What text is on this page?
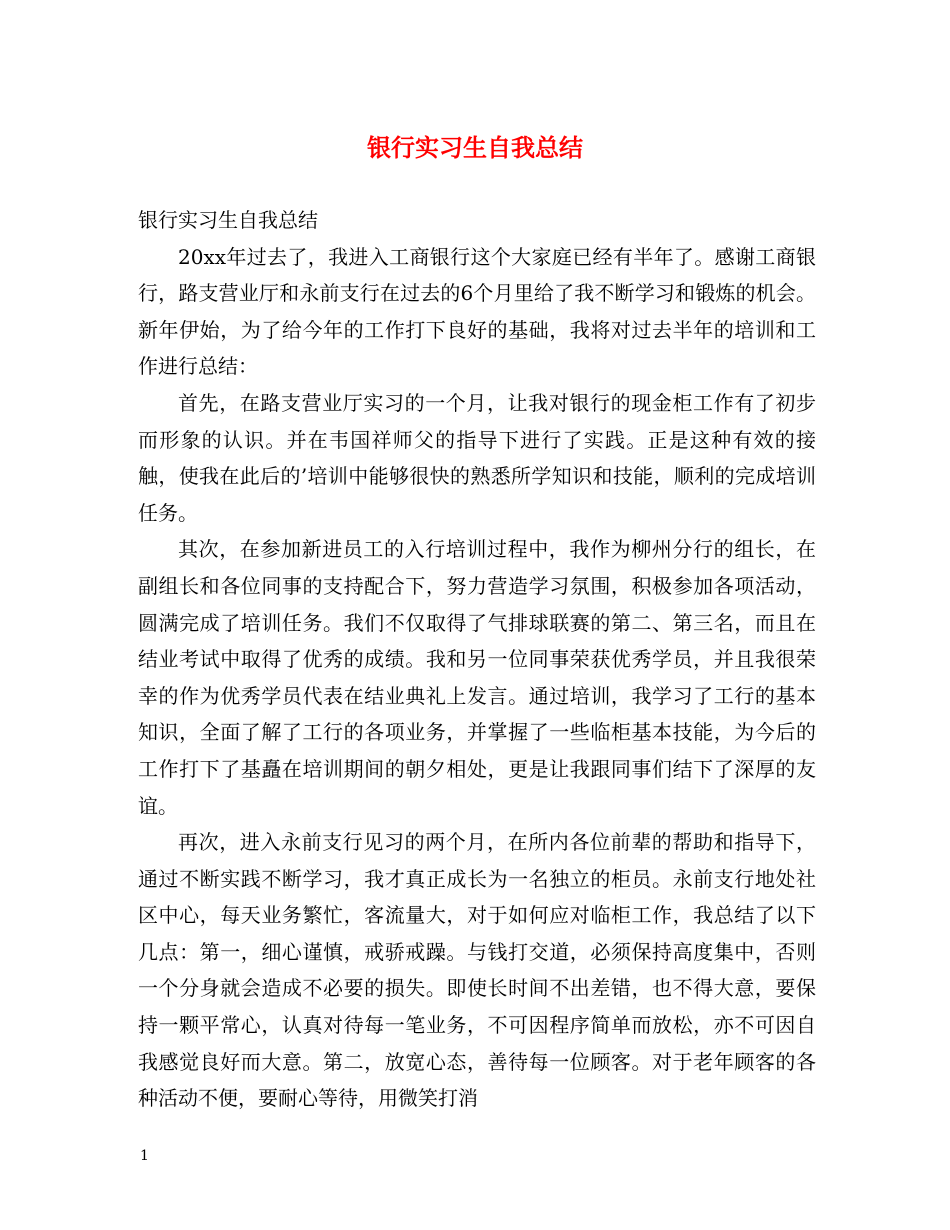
银行实习生自我总结

银行实习生自我总结

20xx年过去了，我进入工商银行这个大家庭已经有半年了。感谢工商银行，路支营业厅和永前支行在过去的6个月里给了我不断学习和锻炼的机会。新年伊始，为了给今年的工作打下良好的基础，我将对过去半年的培训和工作进行总结：

首先，在路支营业厅实习的一个月，让我对银行的现金柜工作有了初步而形象的认识。并在韦国祥师父的指导下进行了实践。正是这种有效的接触，使我在此后的’培训中能够很快的熟悉所学知识和技能，顺利的完成培训任务。

其次，在参加新进员工的入行培训过程中，我作为柳州分行的组长，在副组长和各位同事的支持配合下，努力营造学习氛围，积极参加各项活动，圆满完成了培训任务。我们不仅取得了气排球联赛的第二、第三名，而且在结业考试中取得了优秀的成绩。我和另一位同事荣获优秀学员，并且我很荣幸的作为优秀学员代表在结业典礼上发言。通过培训，我学习了工行的基本知识，全面了解了工行的各项业务，并掌握了一些临柜基本技能，为今后的工作打下了基矗在培训期间的朝夕相处，更是让我跟同事们结下了深厚的友谊。

再次，进入永前支行见习的两个月，在所内各位前辈的帮助和指导下，通过不断实践不断学习，我才真正成长为一名独立的柜员。永前支行地处社区中心，每天业务繁忙，客流量大，对于如何应对临柜工作，我总结了以下几点：第一，细心谨慎，戒骄戒躁。与钱打交道，必须保持高度集中，否则一个分身就会造成不必要的损失。即使长时间不出差错，也不得大意，要保持一颗平常心，认真对待每一笔业务，不可因程序简单而放松，亦不可因自我感觉良好而大意。第二，放宽心态，善待每一位顾客。对于老年顾客的各种活动不便，要耐心等待，用微笑打消

1
